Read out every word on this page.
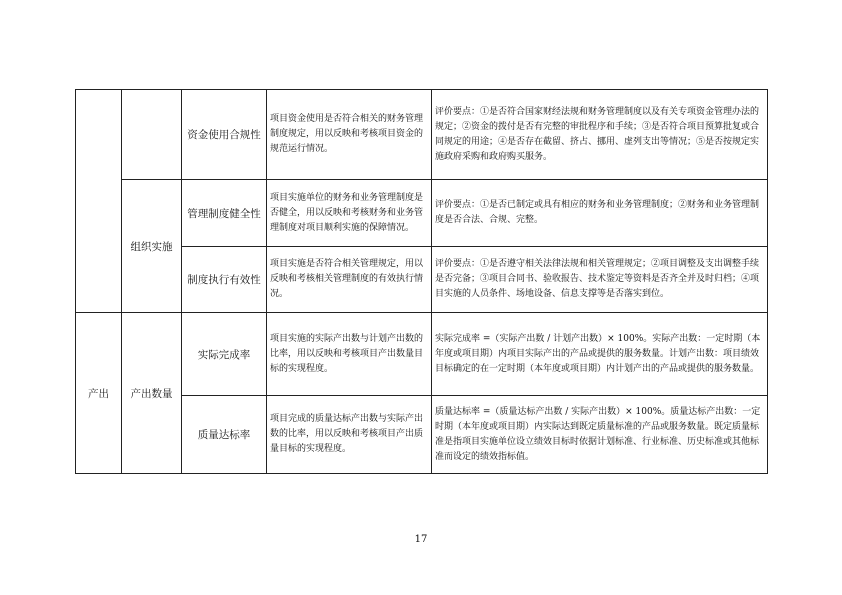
		资金使用合规性	项目资金使用是否符合相关的财务管理制度规定，用以反映和考核项目资金的规范运行情况。	评价要点：①是否符合国家财经法规和财务管理制度以及有关专项资金管理办法的规定；②资金的拨付是否有完整的审批程序和手续；③是否符合项目预算批复或合同规定的用途；④是否存在截留、挤占、挪用、虚列支出等情况；⑤是否按规定实施政府采购和政府购买服务。
	组织实施	管理制度健全性	项目实施单位的财务和业务管理制度是否健全，用以反映和考核财务和业务管理制度对项目顺利实施的保障情况。	评价要点：①是否已制定或具有相应的财务和业务管理制度；②财务和业务管理制度是否合法、合规、完整。
		制度执行有效性	项目实施是否符合相关管理规定，用以反映和考核相关管理制度的有效执行情况。	评价要点：①是否遵守相关法律法规和相关管理规定；②项目调整及支出调整手续是否完备；③项目合同书、验收报告、技术鉴定等资料是否齐全并及时归档；④项目实施的人员条件、场地设备、信息支撑等是否落实到位。
产出	产出数量	实际完成率	项目实施的实际产出数与计划产出数的比率，用以反映和考核项目产出数量目标的实现程度。	实际完成率 =（实际产出数 / 计划产出数）× 100%。实际产出数：一定时期（本年度或项目期）内项目实际产出的产品或提供的服务数量。计划产出数：项目绩效目标确定的在一定时期（本年度或项目期）内计划产出的产品或提供的服务数量。
		质量达标率	项目完成的质量达标产出数与实际产出数的比率，用以反映和考核项目产出质量目标的实现程度。	质量达标率 =（质量达标产出数 / 实际产出数）× 100%。质量达标产出数：一定时期（本年度或项目期）内实际达到既定质量标准的产品或服务数量。既定质量标准是指项目实施单位设立绩效目标时依据计划标准、行业标准、历史标准或其他标准而设定的绩效指标值。
17
